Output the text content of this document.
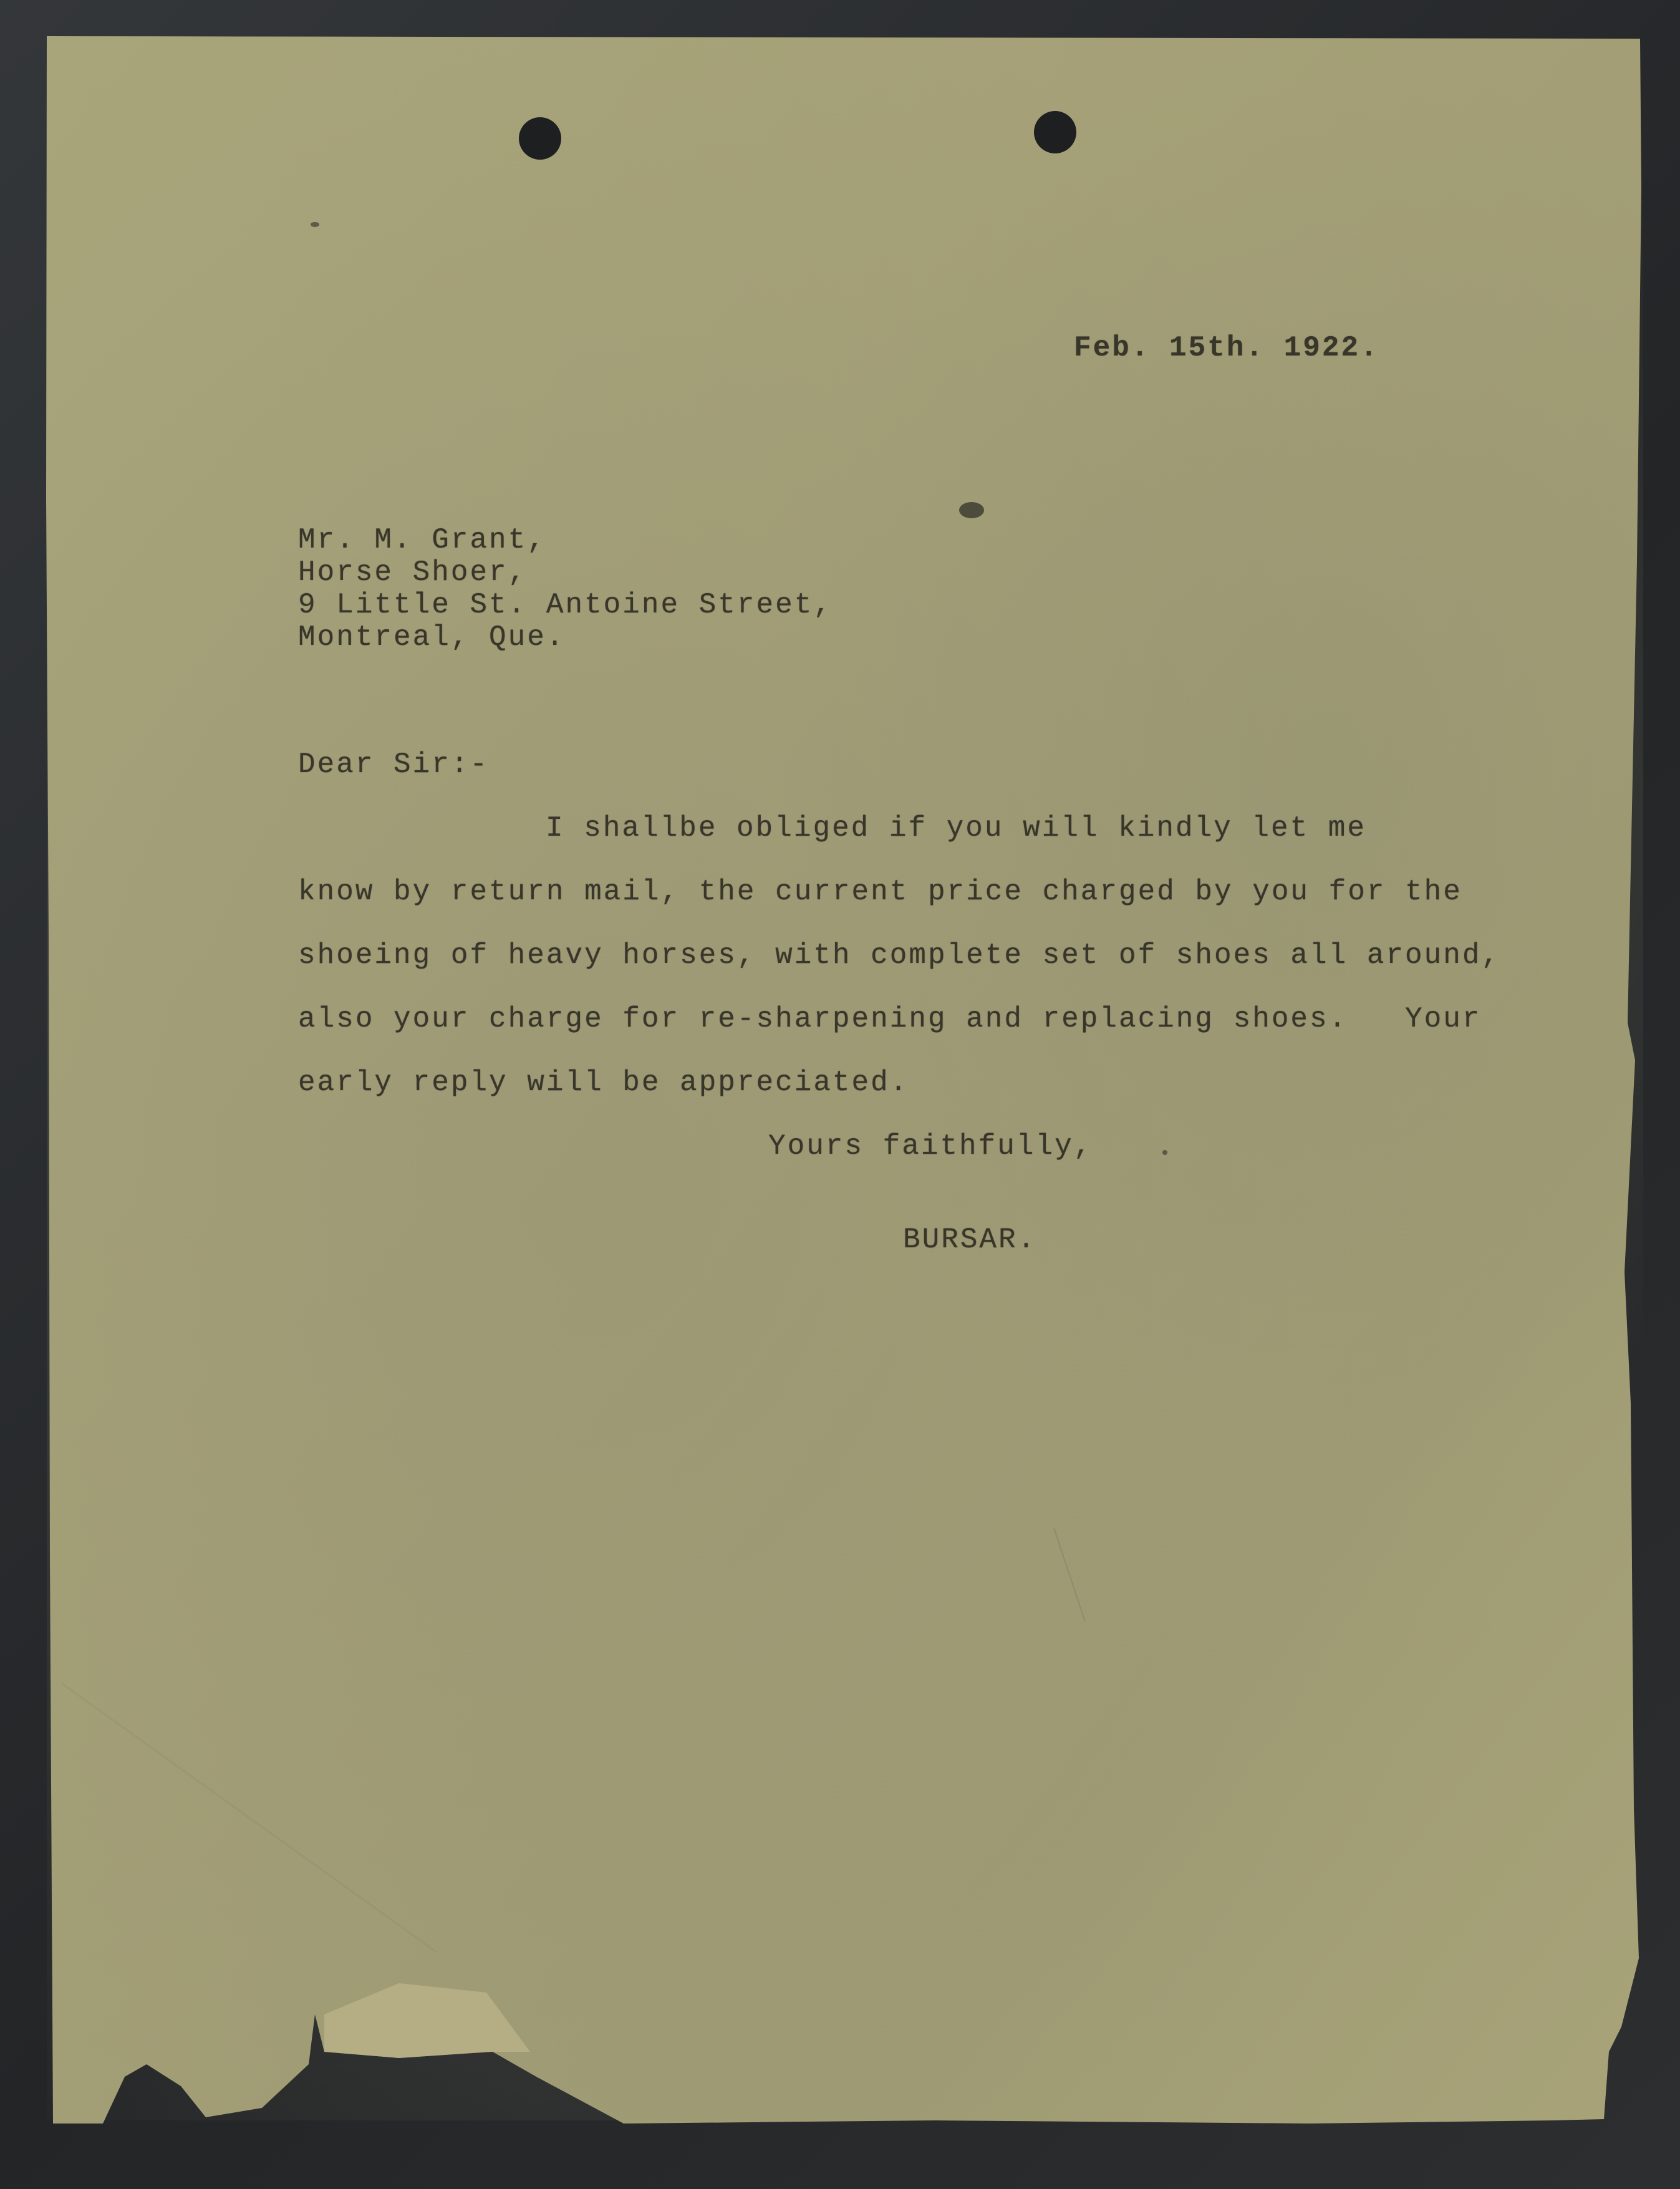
Feb. 15th. 1922.
Mr. M. Grant,
Horse Shoer,
9 Little St. Antoine Street,
Montreal, Que.
Dear Sir:-
I shallbe obliged if you will kindly let me
know by return mail, the current price charged by you for the
shoeing of heavy horses, with complete set of shoes all around,
also your charge for re-sharpening and replacing shoes.   Your
early reply will be appreciated.
Yours faithfully,
BURSAR.
